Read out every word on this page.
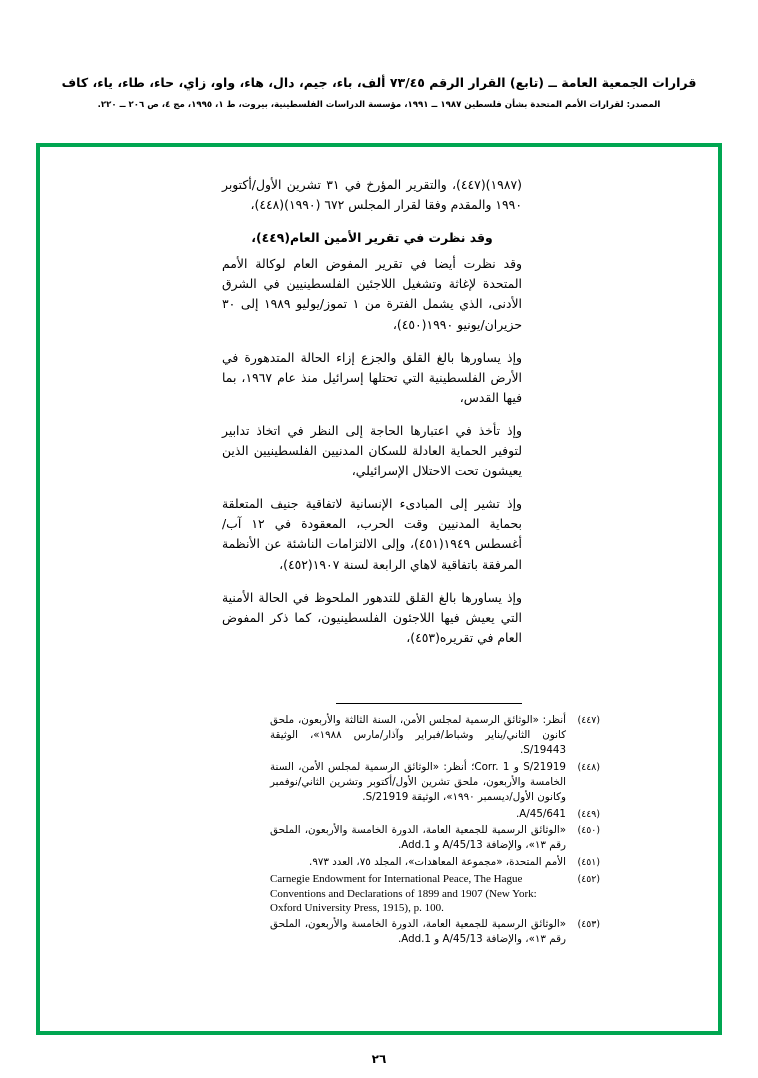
قرارات الجمعية العامة ــ (تابع) القرار الرقم ٧٣/٤٥ ألف، باء، جيم، دال، هاء، واو، زاي، حاء، طاء، ياء، كاف
المصدر: لقرارات الأمم المتحدة بشأن فلسطين ١٩٨٧ ــ ١٩٩١، مؤسسة الدراسات الفلسطينية، بيروت، ط ١، ١٩٩٥، مج ٤، ص ٢٠٦ ــ ٢٢٠.

(١٩٨٧)(٤٤٧)، والتقرير المؤرخ في ٣١ تشرين الأول/أكتوبر ١٩٩٠ والمقدم وفقا لقرار المجلس ٦٧٢ (١٩٩٠)(٤٤٨)،

وقد نظرت في تقرير الأمين العام(٤٤٩)،

وقد نظرت أيضا في تقرير المفوض العام لوكالة الأمم المتحدة لإغاثة وتشغيل اللاجئين الفلسطينيين في الشرق الأدنى، الذي يشمل الفترة من ١ تموز/يوليو ١٩٨٩ إلى ٣٠ حزيران/يونيو ١٩٩٠(٤٥٠)،

وإذ يساورها بالغ القلق والجزع إزاء الحالة المتدهورة في الأرض الفلسطينية التي تحتلها إسرائيل منذ عام ١٩٦٧، بما فيها القدس،

وإذ تأخذ في اعتبارها الحاجة إلى النظر في اتخاذ تدابير لتوفير الحماية العادلة للسكان المدنيين الفلسطينيين الذين يعيشون تحت الاحتلال الإسرائيلي،

وإذ تشير إلى المبادىء الإنسانية لاتفاقية جنيف المتعلقة بحماية المدنيين وقت الحرب، المعقودة في ١٢ آب/أغسطس ١٩٤٩(٤٥١)، وإلى الالتزامات الناشئة عن الأنظمة المرفقة باتفاقية لاهاي الرابعة لسنة ١٩٠٧(٤٥٢)،

وإذ يساورها بالغ القلق للتدهور الملحوظ في الحالة الأمنية التي يعيش فيها اللاجئون الفلسطينيون، كما ذكر المفوض العام في تقريره(٤٥٣)،

(٤٤٧)
أنظر: «الوثائق الرسمية لمجلس الأمن، السنة الثالثة والأربعون، ملحق كانون الثاني/يناير وشباط/فبراير وآذار/مارس ١٩٨٨»، الوثيقة S/19443.
(٤٤٨)
S/21919 و Corr. 1؛ أنظر: «الوثائق الرسمية لمجلس الأمن، السنة الخامسة والأربعون، ملحق تشرين الأول/أكتوبر وتشرين الثاني/نوفمبر وكانون الأول/ديسمبر ١٩٩٠»، الوثيقة S/21919.
(٤٤٩)
A/45/641.
(٤٥٠)
«الوثائق الرسمية للجمعية العامة، الدورة الخامسة والأربعون، الملحق رقم ١٣»، والإضافة A/45/13 و Add.1.
(٤٥١)
الأمم المتحدة، «مجموعة المعاهدات»، المجلد ٧٥، العدد ٩٧٣.
(٤٥٢)
Carnegie Endowment for International Peace, The Hague Conventions and Declarations of 1899 and 1907 (New York: Oxford University Press, 1915), p. 100.
(٤٥٣)
«الوثائق الرسمية للجمعية العامة، الدورة الخامسة والأربعون، الملحق رقم ١٣»، والإضافة A/45/13 و Add.1.
٢٦
